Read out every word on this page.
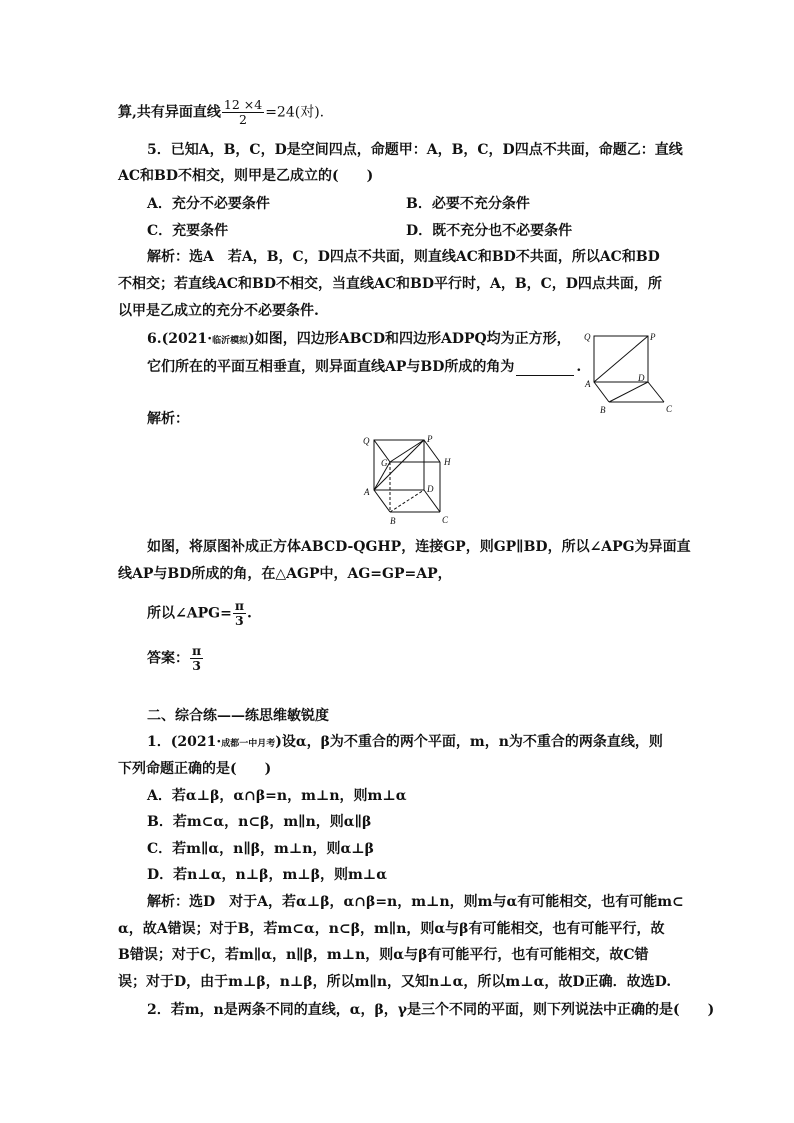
算,共有异面直线 $\frac{12 \times 4}{2} =24$(对).
5．已知A，B，C，D是空间四点，命题甲：A，B，C，D四点不共面，命题乙：直线
AC和BD不相交，则甲是乙成立的(　　)
A．充分不必要条件	B．必要不充分条件
C．充要条件	D．既不充分也不必要条件
解析：选A　若A，B，C，D四点不共面，则直线AC和BD不共面，所以AC和BD
不相交；若直线AC和BD不相交，当直线AC和BD平行时，A，B，C，D四点共面，所
以甲是乙成立的充分不必要条件.
6.(2021·临沂模拟)如图，四边形ABCD和四边形ADPQ均为正方形，
它们所在的平面互相垂直，则异面直线AP与BD所成的角为	.
Q	P
A
D
B	C
解析：
Q	P
G	H
A	D
B	C
如图，将原图补成正方体ABCD-QGHP，连接GP，则GP∥BD，所以∠APG为异面直
线AP与BD所成的角，在△AGP中，AG=GP=AP，
所以∠APG= $\frac{\pi}{3}$ .
答案： $\frac{\pi}{3}$
二、综合练——练思维敏锐度
1．(2021·成都一中月考)设α，β为不重合的两个平面，m，n为不重合的两条直线，则
下列命题正确的是(　　)
A．若α⊥β，α∩β=n，m⊥n，则m⊥α
B．若m⊂α，n⊂β，m∥n，则α∥β
C．若m∥α，n∥β，m⊥n，则α⊥β
D．若n⊥α，n⊥β，m⊥β，则m⊥α
解析：选D　对于A，若α⊥β，α∩β=n，m⊥n，则m与α有可能相交，也有可能m⊂
α，故A错误；对于B，若m⊂α，n⊂β，m∥n，则α与β有可能相交，也有可能平行，故
B错误；对于C，若m∥α，n∥β，m⊥n，则α与β有可能平行，也有可能相交，故C错
误；对于D，由于m⊥β，n⊥β，所以m∥n，又知n⊥α，所以m⊥α，故D正确．故选D.
2．若m，n是两条不同的直线，α，β，γ是三个不同的平面，则下列说法中正确的是(　　)
